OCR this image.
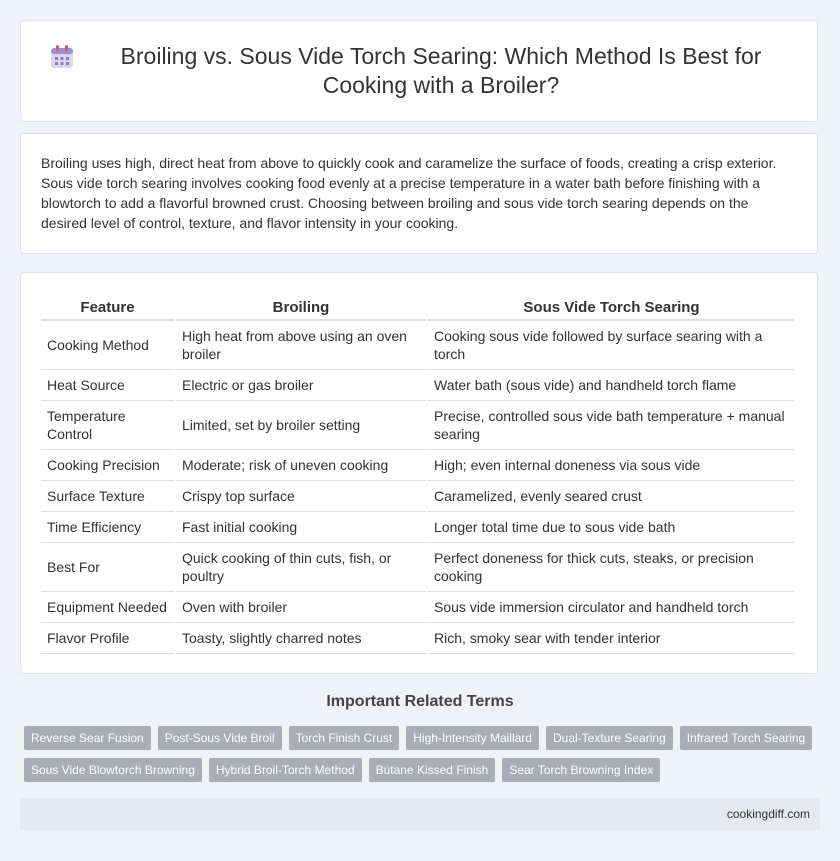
Broiling vs. Sous Vide Torch Searing: Which Method Is Best for Cooking with a Broiler?

Broiling uses high, direct heat from above to quickly cook and caramelize the surface of foods, creating a crisp exterior. Sous vide torch searing involves cooking food evenly at a precise temperature in a water bath before finishing with a blowtorch to add a flavorful browned crust. Choosing between broiling and sous vide torch searing depends on the desired level of control, texture, and flavor intensity in your cooking.

Feature	Broiling	Sous Vide Torch Searing
Cooking Method	High heat from above using an oven broiler	Cooking sous vide followed by surface searing with a torch
Heat Source	Electric or gas broiler	Water bath (sous vide) and handheld torch flame
Temperature Control	Limited, set by broiler setting	Precise, controlled sous vide bath temperature + manual searing
Cooking Precision	Moderate; risk of uneven cooking	High; even internal doneness via sous vide
Surface Texture	Crispy top surface	Caramelized, evenly seared crust
Time Efficiency	Fast initial cooking	Longer total time due to sous vide bath
Best For	Quick cooking of thin cuts, fish, or poultry	Perfect doneness for thick cuts, steaks, or precision cooking
Equipment Needed	Oven with broiler	Sous vide immersion circulator and handheld torch
Flavor Profile	Toasty, slightly charred notes	Rich, smoky sear with tender interior
Important Related Terms
Reverse Sear Fusion	Post-Sous Vide Broil	Torch Finish Crust	High-Intensity Maillard	Dual-Texture Searing	Infrared Torch Searing
Sous Vide Blowtorch Browning	Hybrid Broil-Torch Method	Butane Kissed Finish	Sear Torch Browning Index
cookingdiff.com
